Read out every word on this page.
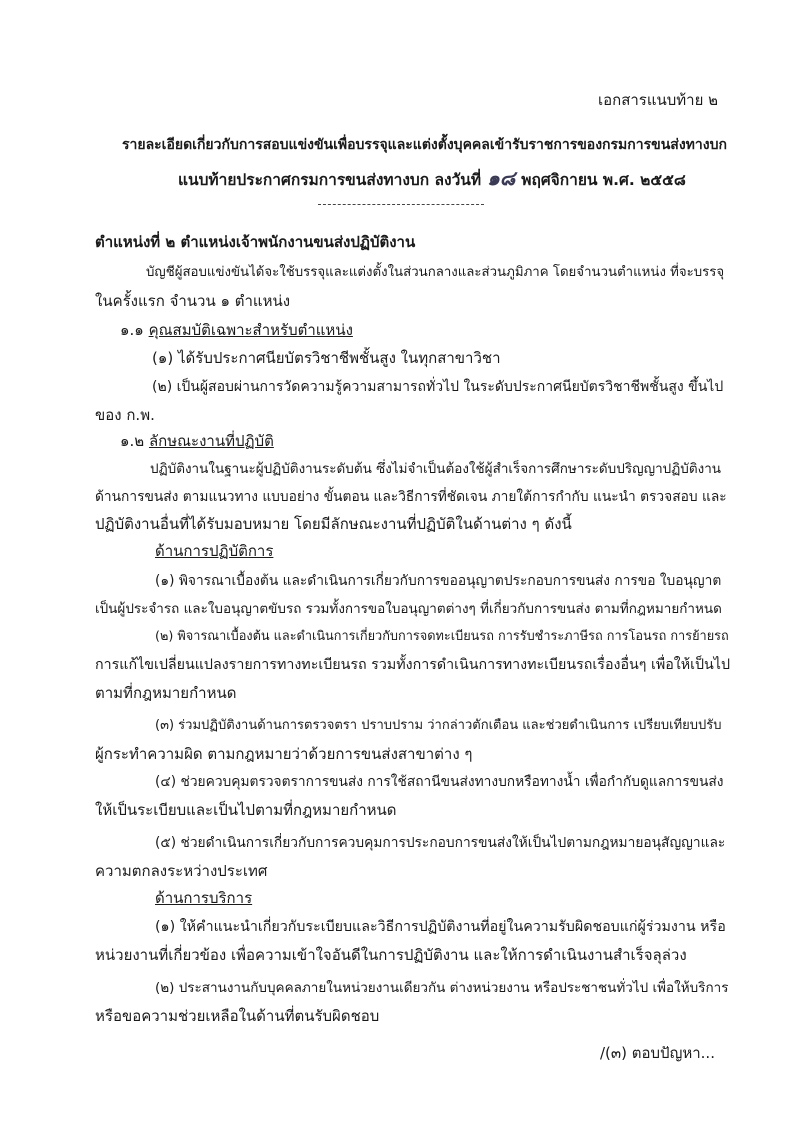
เอกสารแนบท้าย ๒
รายละเอียดเกี่ยวกับการสอบแข่งขันเพื่อบรรจุและแต่งตั้งบุคคลเข้ารับราชการของกรมการขนส่งทางบก
แนบท้ายประกาศกรมการขนส่งทางบก ลงวันที่ ๑๘ พฤศจิกายน พ.ศ. ๒๕๕๘
ตำแหน่งที่ ๒ ตำแหน่งเจ้าพนักงานขนส่งปฏิบัติงาน
บัญชีผู้สอบแข่งขันได้จะใช้บรรจุและแต่งตั้งในส่วนกลางและส่วนภูมิภาค โดยจำนวนตำแหน่ง ที่จะบรรจุ
ในครั้งแรก จำนวน ๑ ตำแหน่ง
๑.๑ คุณสมบัติเฉพาะสำหรับตำแหน่ง
(๑) ได้รับประกาศนียบัตรวิชาชีพชั้นสูง ในทุกสาขาวิชา
(๒) เป็นผู้สอบผ่านการวัดความรู้ความสามารถทั่วไป ในระดับประกาศนียบัตรวิชาชีพชั้นสูง ขึ้นไป
ของ ก.พ.
๑.๒ ลักษณะงานที่ปฏิบัติ
ปฏิบัติงานในฐานะผู้ปฏิบัติงานระดับต้น ซึ่งไม่จำเป็นต้องใช้ผู้สำเร็จการศึกษาระดับปริญญาปฏิบัติงาน
ด้านการขนส่ง ตามแนวทาง แบบอย่าง ขั้นตอน และวิธีการที่ชัดเจน ภายใต้การกำกับ แนะนำ ตรวจสอบ และ
ปฏิบัติงานอื่นที่ได้รับมอบหมาย โดยมีลักษณะงานที่ปฏิบัติในด้านต่าง ๆ ดังนี้
ด้านการปฏิบัติการ
(๑) พิจารณาเบื้องต้น และดำเนินการเกี่ยวกับการขออนุญาตประกอบการขนส่ง การขอ ใบอนุญาต
เป็นผู้ประจำรถ และใบอนุญาตขับรถ รวมทั้งการขอใบอนุญาตต่างๆ ที่เกี่ยวกับการขนส่ง ตามที่กฎหมายกำหนด
(๒) พิจารณาเบื้องต้น และดำเนินการเกี่ยวกับการจดทะเบียนรถ การรับชำระภาษีรถ การโอนรถ การย้ายรถ
การแก้ไขเปลี่ยนแปลงรายการทางทะเบียนรถ รวมทั้งการดำเนินการทางทะเบียนรถเรื่องอื่นๆ เพื่อให้เป็นไป
ตามที่กฎหมายกำหนด
(๓) ร่วมปฏิบัติงานด้านการตรวจตรา ปราบปราม ว่ากล่าวตักเตือน และช่วยดำเนินการ เปรียบเทียบปรับ
ผู้กระทำความผิด ตามกฎหมายว่าด้วยการขนส่งสาขาต่าง ๆ
(๔) ช่วยควบคุมตรวจตราการขนส่ง การใช้สถานีขนส่งทางบกหรือทางน้ำ เพื่อกำกับดูแลการขนส่ง
ให้เป็นระเบียบและเป็นไปตามที่กฎหมายกำหนด
(๕) ช่วยดำเนินการเกี่ยวกับการควบคุมการประกอบการขนส่งให้เป็นไปตามกฎหมายอนุสัญญาและ
ความตกลงระหว่างประเทศ
ด้านการบริการ
(๑) ให้คำแนะนำเกี่ยวกับระเบียบและวิธีการปฏิบัติงานที่อยู่ในความรับผิดชอบแก่ผู้ร่วมงาน หรือ
หน่วยงานที่เกี่ยวข้อง เพื่อความเข้าใจอันดีในการปฏิบัติงาน และให้การดำเนินงานสำเร็จลุล่วง
(๒) ประสานงานกับบุคคลภายในหน่วยงานเดียวกัน ต่างหน่วยงาน หรือประชาชนทั่วไป เพื่อให้บริการ
หรือขอความช่วยเหลือในด้านที่ตนรับผิดชอบ
/(๓) ตอบปัญหา...
